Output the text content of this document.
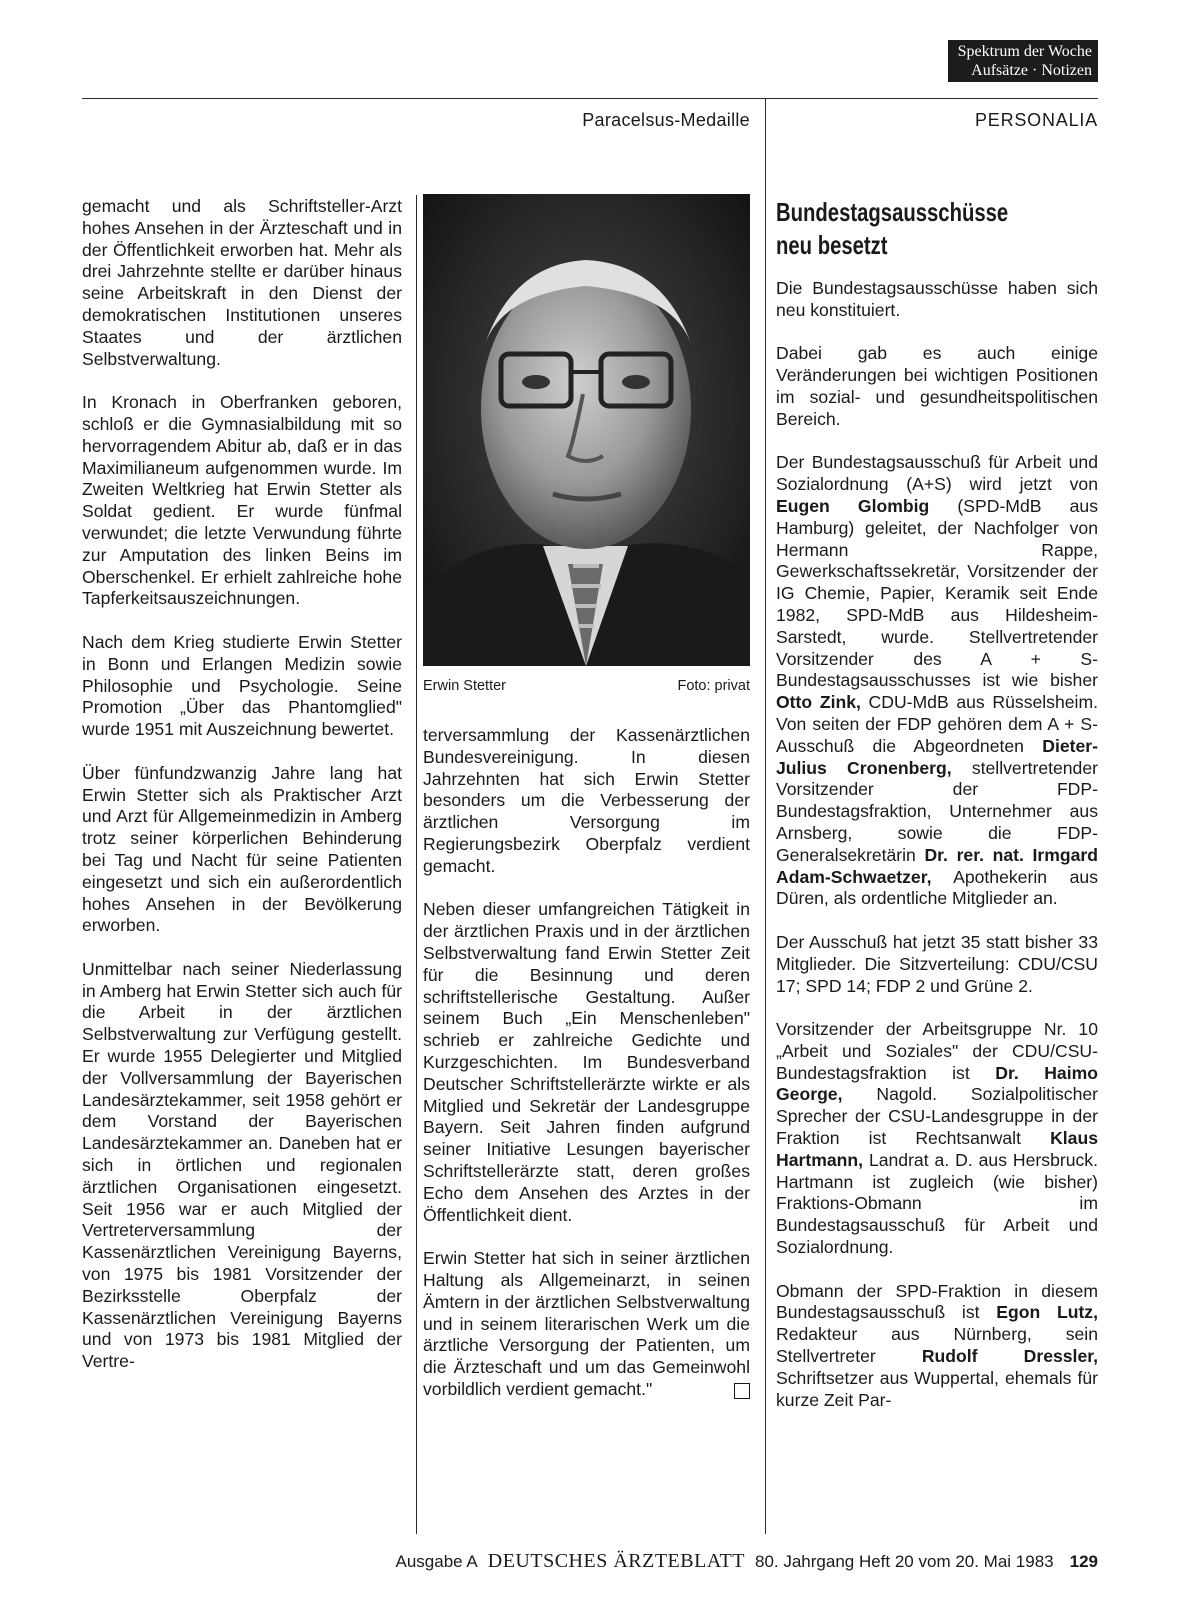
Spektrum der Woche
Aufsätze · Notizen
Paracelsus-Medaille	PERSONALIA

gemacht und als Schriftsteller-Arzt hohes Ansehen in der Ärzteschaft und in der Öffentlichkeit erworben hat. Mehr als drei Jahrzehnte stellte er darüber hinaus seine Arbeitskraft in den Dienst der demokratischen Institutionen unseres Staates und der ärztlichen Selbstverwaltung.

In Kronach in Oberfranken geboren, schloß er die Gymnasialbildung mit so hervorragendem Abitur ab, daß er in das Maximilianeum aufgenommen wurde. Im Zweiten Weltkrieg hat Erwin Stetter als Soldat gedient. Er wurde fünfmal verwundet; die letzte Verwundung führte zur Amputation des linken Beins im Oberschenkel. Er erhielt zahlreiche hohe Tapferkeitsauszeichnungen.

Nach dem Krieg studierte Erwin Stetter in Bonn und Erlangen Medizin sowie Philosophie und Psychologie. Seine Promotion „Über das Phantomglied" wurde 1951 mit Auszeichnung bewertet.

Über fünfundzwanzig Jahre lang hat Erwin Stetter sich als Praktischer Arzt und Arzt für Allgemeinmedizin in Amberg trotz seiner körperlichen Behinderung bei Tag und Nacht für seine Patienten eingesetzt und sich ein außerordentlich hohes Ansehen in der Bevölkerung erworben.

Unmittelbar nach seiner Niederlassung in Amberg hat Erwin Stetter sich auch für die Arbeit in der ärztlichen Selbstverwaltung zur Verfügung gestellt. Er wurde 1955 Delegierter und Mitglied der Vollversammlung der Bayerischen Landesärztekammer, seit 1958 gehört er dem Vorstand der Bayerischen Landesärztekammer an. Daneben hat er sich in örtlichen und regionalen ärztlichen Organisationen eingesetzt. Seit 1956 war er auch Mitglied der Vertreterversammlung der Kassenärztlichen Vereinigung Bayerns, von 1975 bis 1981 Vorsitzender der Bezirksstelle Oberpfalz der Kassenärztlichen Vereinigung Bayerns und von 1973 bis 1981 Mitglied der Vertre-

Erwin Stetter	Foto: privat

terversammlung der Kassenärztlichen Bundesvereinigung. In diesen Jahrzehnten hat sich Erwin Stetter besonders um die Verbesserung der ärztlichen Versorgung im Regierungsbezirk Oberpfalz verdient gemacht.

Neben dieser umfangreichen Tätigkeit in der ärztlichen Praxis und in der ärztlichen Selbstverwaltung fand Erwin Stetter Zeit für die Besinnung und deren schriftstellerische Gestaltung. Außer seinem Buch „Ein Menschenleben" schrieb er zahlreiche Gedichte und Kurzgeschichten. Im Bundesverband Deutscher Schriftstellerärzte wirkte er als Mitglied und Sekretär der Landesgruppe Bayern. Seit Jahren finden aufgrund seiner Initiative Lesungen bayerischer Schriftstellerärzte statt, deren großes Echo dem Ansehen des Arztes in der Öffentlichkeit dient.

Erwin Stetter hat sich in seiner ärztlichen Haltung als Allgemeinarzt, in seinen Ämtern in der ärztlichen Selbstverwaltung und in seinem literarischen Werk um die ärztliche Versorgung der Patienten, um die Ärzteschaft und um das Gemeinwohl vorbildlich verdient gemacht."

Bundestagsausschüsse
neu besetzt

Die Bundestagsausschüsse haben sich neu konstituiert.

Dabei gab es auch einige Veränderungen bei wichtigen Positionen im sozial- und gesundheitspolitischen Bereich.

Der Bundestagsausschuß für Arbeit und Sozialordnung (A+S) wird jetzt von Eugen Glombig (SPD-MdB aus Hamburg) geleitet, der Nachfolger von Hermann Rappe, Gewerkschaftssekretär, Vorsitzender der IG Chemie, Papier, Keramik seit Ende 1982, SPD-MdB aus Hildesheim-Sarstedt, wurde. Stellvertretender Vorsitzender des A + S-Bundestagsausschusses ist wie bisher Otto Zink, CDU-MdB aus Rüsselsheim. Von seiten der FDP gehören dem A + S-Ausschuß die Abgeordneten Dieter-Julius Cronenberg, stellvertretender Vorsitzender der FDP-Bundestagsfraktion, Unternehmer aus Arnsberg, sowie die FDP-Generalsekretärin Dr. rer. nat. Irmgard Adam-Schwaetzer, Apothekerin aus Düren, als ordentliche Mitglieder an.

Der Ausschuß hat jetzt 35 statt bisher 33 Mitglieder. Die Sitzverteilung: CDU/CSU 17; SPD 14; FDP 2 und Grüne 2.

Vorsitzender der Arbeitsgruppe Nr. 10 „Arbeit und Soziales" der CDU/CSU-Bundestagsfraktion ist Dr. Haimo George, Nagold. Sozialpolitischer Sprecher der CSU-Landesgruppe in der Fraktion ist Rechtsanwalt Klaus Hartmann, Landrat a. D. aus Hersbruck. Hartmann ist zugleich (wie bisher) Fraktions-Obmann im Bundestagsausschuß für Arbeit und Sozialordnung.

Obmann der SPD-Fraktion in diesem Bundestagsausschuß ist Egon Lutz, Redakteur aus Nürnberg, sein Stellvertreter Rudolf Dressler, Schriftsetzer aus Wuppertal, ehemals für kurze Zeit Par-

Ausgabe A DEUTSCHES ÄRZTEBLATT 80. Jahrgang Heft 20 vom 20. Mai 1983 129
